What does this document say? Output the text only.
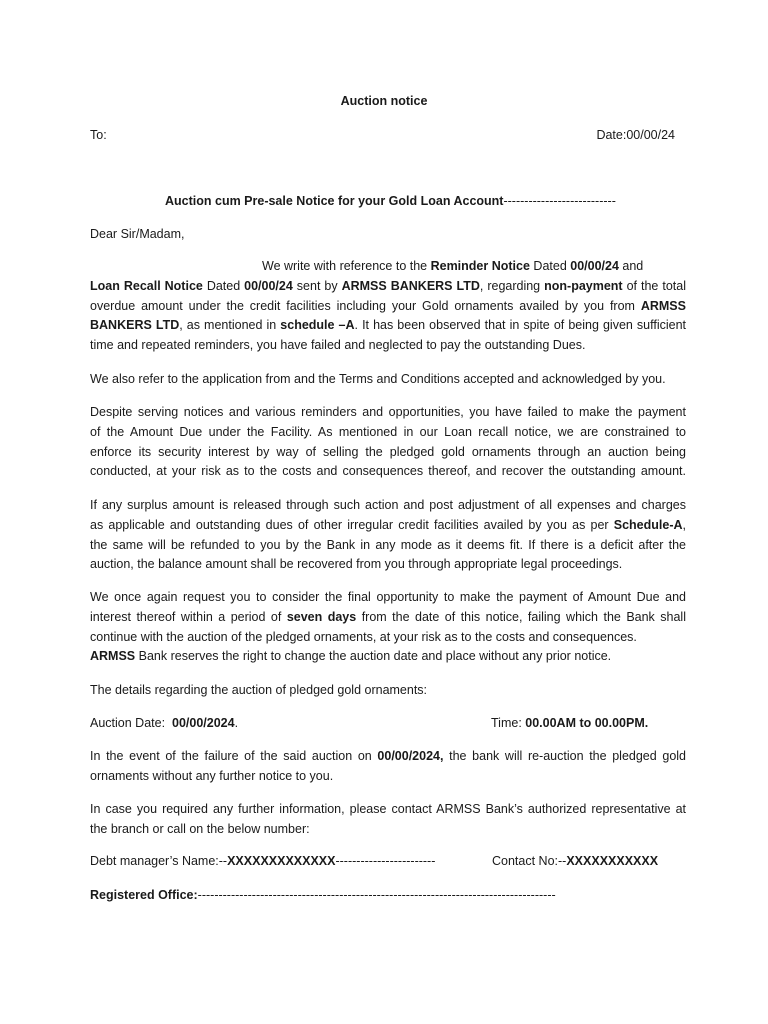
Auction notice
To:	Date:00/00/24
Auction cum Pre-sale Notice for your Gold Loan Account---------------------------
Dear Sir/Madam,
We write with reference to the Reminder Notice Dated 00/00/24 and
Loan Recall Notice Dated 00/00/24 sent by ARMSS BANKERS LTD, regarding non-payment of the total
overdue amount under the credit facilities including your Gold ornaments availed by you from ARMSS
BANKERS LTD, as mentioned in schedule –A. It has been observed that in spite of being given sufficient
time and repeated reminders, you have failed and neglected to pay the outstanding Dues.
We also refer to the application from and the Terms and Conditions accepted and acknowledged by you.
Despite serving notices and various reminders and opportunities, you have failed to make the payment
of the Amount Due under the Facility. As mentioned in our Loan recall notice, we are constrained to
enforce its security interest by way of selling the pledged gold ornaments through an auction being
conducted, at your risk as to the costs and consequences thereof, and recover the outstanding amount.
If any surplus amount is released through such action and post adjustment of all expenses and charges
as applicable and outstanding dues of other irregular credit facilities availed by you as per Schedule-A,
the same will be refunded to you by the Bank in any mode as it deems fit. If there is a deficit after the
auction, the balance amount shall be recovered from you through appropriate legal proceedings.
We once again request you to consider the final opportunity to make the payment of Amount Due and
interest thereof within a period of seven days from the date of this notice, failing which the Bank shall
continue with the auction of the pledged ornaments, at your risk as to the costs and consequences.
ARMSS Bank reserves the right to change the auction date and place without any prior notice.
The details regarding the auction of pledged gold ornaments:
Auction Date:  00/00/2024.	Time: 00.00AM to 00.00PM.
In the event of the failure of the said auction on 00/00/2024, the bank will re-auction the pledged gold
ornaments without any further notice to you.
In case you required any further information, please contact ARMSS Bank’s authorized representative at
the branch or call on the below number:
Debt manager’s Name:--XXXXXXXXXXXXX------------------------	Contact No:--XXXXXXXXXXX
Registered Office:--------------------------------------------------------------------------------------
